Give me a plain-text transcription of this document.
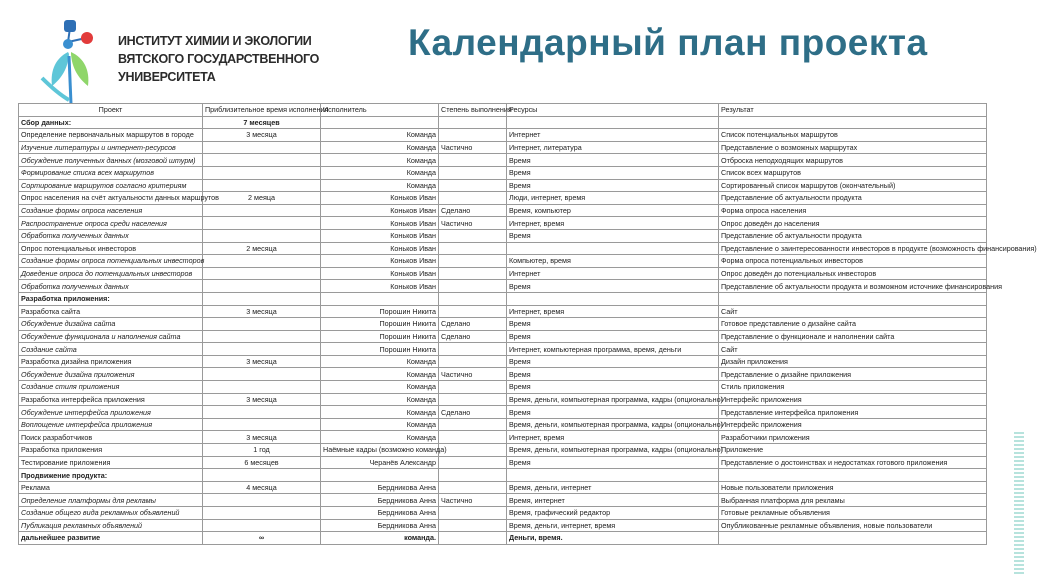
ИНСТИТУТ ХИМИИ И ЭКОЛОГИИ
ВЯТСКОГО ГОСУДАРСТВЕННОГО
УНИВЕРСИТЕТА
Календарный план проекта
Проект	Приблизительное время исполнения	Исполнитель	Степень выполнения	Ресурсы	Результат
Сбор данных:	7 месяцев				
Определение первоначальных маршрутов в городе	3 месяца	Команда		Интернет	Список потенциальных маршрутов
Изучение литературы и интернет-ресурсов		Команда	Частично	Интернет, литература	Представление о возможных маршрутах
Обсуждение полученных данных (мозговой штурм)		Команда		Время	Отброска неподходящих маршрутов
Формирование списка всех маршрутов		Команда		Время	Список всех маршрутов
Сортирование маршрутов согласно критериям		Команда		Время	Сортированный список маршрутов (окончательный)
Опрос населения на счёт актуальности данных маршрутов	2 меяца	Коньков Иван		Люди, интернет, время	Представление об актуальности продукта
Создание формы опроса населения		Коньков Иван	Сделано	Время, компьютер	Форма опроса населения
Распространение опроса среди населения		Коньков Иван	Частично	Интернет, время	Опрос доведён до населения
Обработка полученных данных		Коньков Иван		Время	Представление об актуальности продукта
Опрос потенциальных инвесторов	2 месяца	Коньков Иван			Представление о заинтересованности инвесторов в продукте (возможность финансирования)
Создание формы опроса потенциальных инвесторов		Коньков Иван		Компьютер, время	Форма опроса потенциальных инвесторов
Доведение опроса до потенциальных инвесторов		Коньков Иван		Интернет	Опрос доведён до потенциальных инвесторов
Обработка полученных данных		Коньков Иван		Время	Представление об актуальности продукта и возможном источнике финансирования
Разработка приложения:					
Разработка сайта	3 месяца	Порошин Никита		Интернет, время	Сайт
Обсуждение дизайна сайта		Порошин Никита	Сделано	Время	Готовое представление о дизайне сайта
Обсуждение функционала и наполнения сайта		Порошин Никита	Сделано	Время	Представление о функционале и наполнении сайта
Создание сайта		Порошин Никита		Интернет, компьютерная программа, время, деньги	Сайт
Разработка дизайна приложения	3 месяца	Команда		Время	Дизайн приложения
Обсуждение дизайна приложения		Команда	Частично	Время	Представление о дизайне приложения
Создание стиля приложения		Команда		Время	Стиль приложения
Разработка интерфейса приложения	3 месяца	Команда		Время, деньги, компьютерная программа, кадры (опционально)	Интерфейс приложения
Обсуждение интерфейса приложения		Команда	Сделано	Время	Представление интерфейса приложения
Воплощение интерфейса приложения		Команда		Время, деньги, компьютерная программа, кадры (опционально)	Интерфейс приложения
Поиск разработчиков	3 месяца	Команда		Интернет, время	Разработчики приложения
Разработка приложения	1 год	Наёмные кадры (возможно команда)		Время, деньги, компьютерная программа, кадры (опционально)	Приложение
Тестирование приложения	6 месяцев	Черанёв Александр		Время	Представление о достоинствах и недостатках готового приложения
Продвижение продукта:					
Реклама	4 месяца	Бердникова Анна		Время, деньги, интернет	Новые пользователи приложения
Определение платформы для рекламы		Бердникова Анна	Частично	Время, интернет	Выбранная платформа для рекламы
Создание общего вида рекламных объявлений		Бердникова Анна		Время, графический редактор	Готовые рекламные объявления
Публикация рекламных объявлений		Бердникова Анна		Время, деньги, интернет, время	Опубликованные рекламные объявления, новые пользователи
дальнейшее развитие	∞	команда.		Деньги, время.	
